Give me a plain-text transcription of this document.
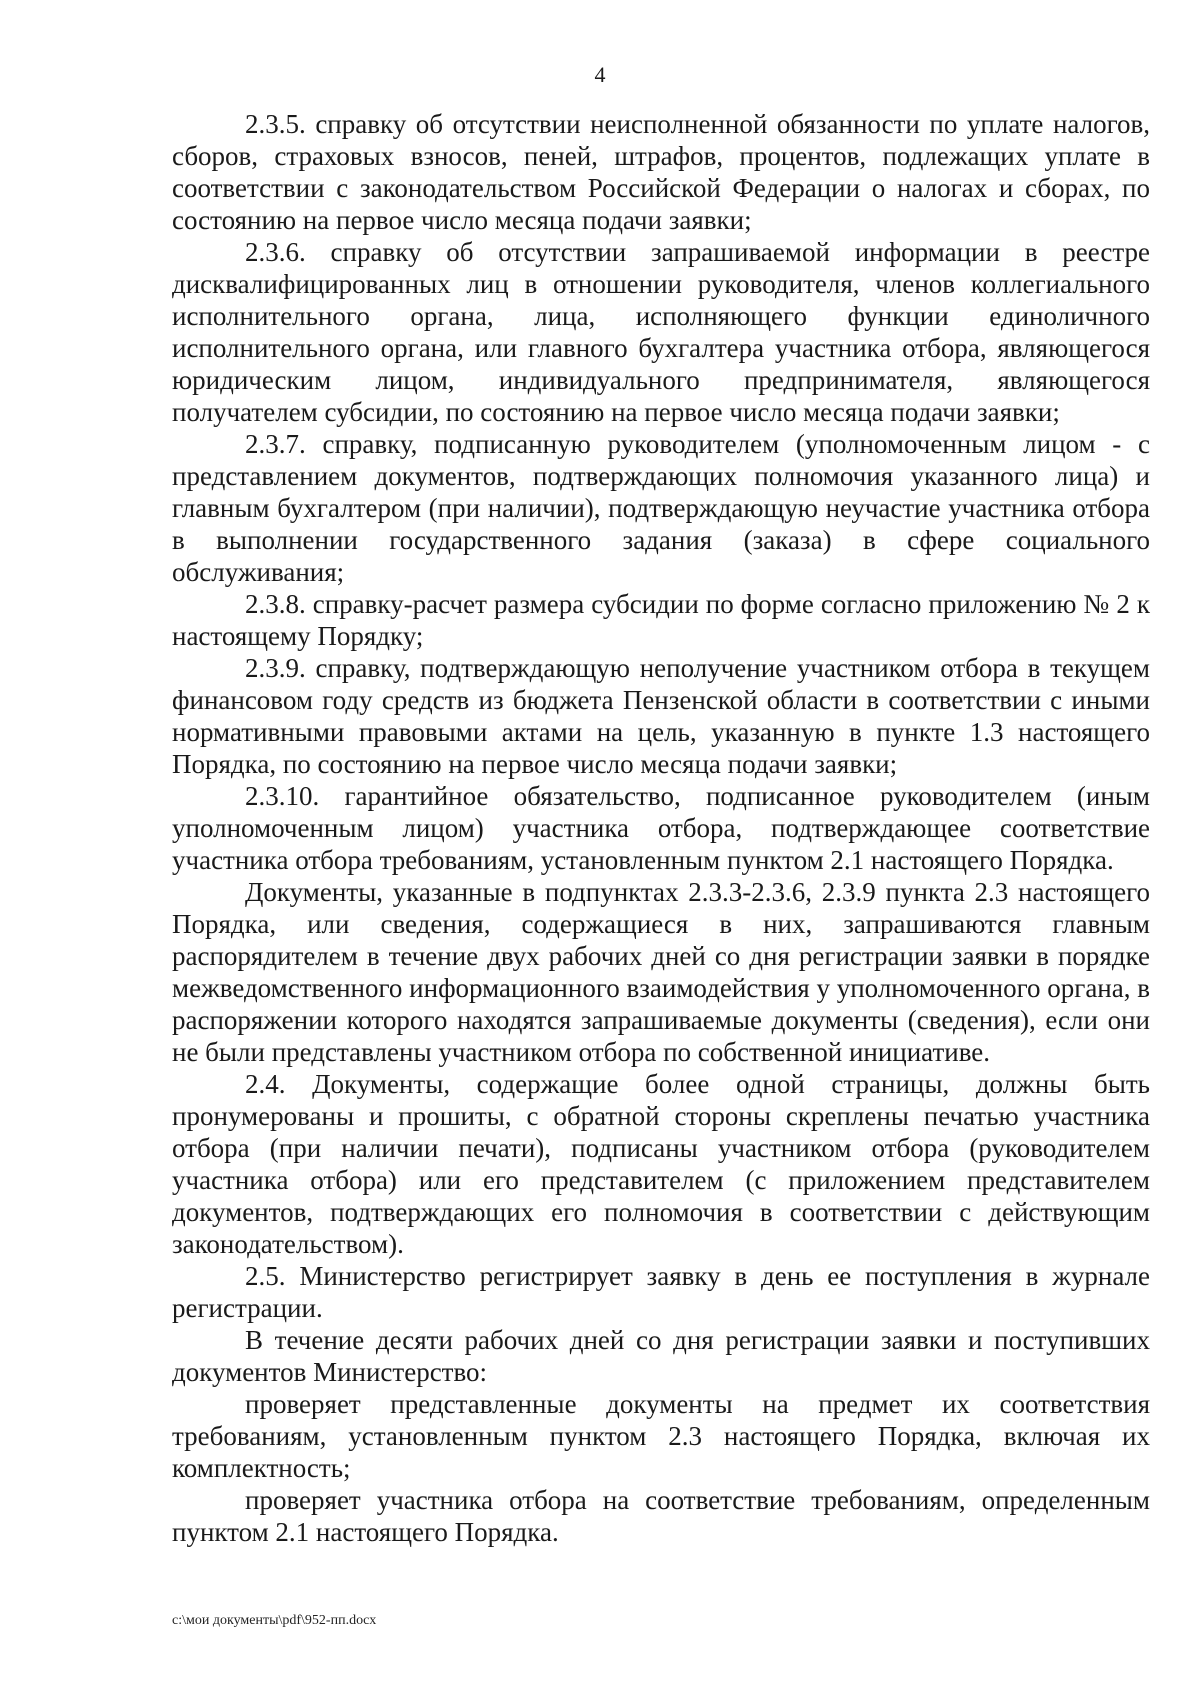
4

2.3.5. справку об отсутствии неисполненной обязанности по уплате налогов, сборов, страховых взносов, пеней, штрафов, процентов, подлежащих уплате в соответствии с законодательством Российской Федерации о налогах и сборах, по состоянию на первое число месяца подачи заявки;

2.3.6. справку об отсутствии запрашиваемой информации в реестре дисквалифицированных лиц в отношении руководителя, членов коллегиального исполнительного органа, лица, исполняющего функции единоличного исполнительного органа, или главного бухгалтера участника отбора, являющегося юридическим лицом, индивидуального предпринимателя, являющегося получателем субсидии, по состоянию на первое число месяца подачи заявки;

2.3.7. справку, подписанную руководителем (уполномоченным лицом - с представлением документов, подтверждающих полномочия указанного лица) и главным бухгалтером (при наличии), подтверждающую неучастие участника отбора в выполнении государственного задания (заказа) в сфере социального обслуживания;

2.3.8. справку-расчет размера субсидии по форме согласно приложению № 2 к настоящему Порядку;

2.3.9. справку, подтверждающую неполучение участником отбора в текущем финансовом году средств из бюджета Пензенской области в соответствии с иными нормативными правовыми актами на цель, указанную в пункте 1.3 настоящего Порядка, по состоянию на первое число месяца подачи заявки;

2.3.10. гарантийное обязательство, подписанное руководителем (иным уполномоченным лицом) участника отбора, подтверждающее соответствие участника отбора требованиям, установленным пунктом 2.1 настоящего Порядка.

Документы, указанные в подпунктах 2.3.3-2.3.6, 2.3.9 пункта 2.3 настоящего Порядка, или сведения, содержащиеся в них, запрашиваются главным распорядителем в течение двух рабочих дней со дня регистрации заявки в порядке межведомственного информационного взаимодействия у уполномоченного органа, в распоряжении которого находятся запрашиваемые документы (сведения), если они не были представлены участником отбора по собственной инициативе.

2.4. Документы, содержащие более одной страницы, должны быть пронумерованы и прошиты, с обратной стороны скреплены печатью участника отбора (при наличии печати), подписаны участником отбора (руководителем участника отбора) или его представителем (с приложением представителем документов, подтверждающих его полномочия в соответствии с действующим законодательством).

2.5. Министерство регистрирует заявку в день ее поступления в журнале регистрации.

В течение десяти рабочих дней со дня регистрации заявки и поступивших документов Министерство:

проверяет представленные документы на предмет их соответствия требованиям, установленным пунктом 2.3 настоящего Порядка, включая их комплектность;

проверяет участника отбора на соответствие требованиям, определенным пунктом 2.1 настоящего Порядка.

c:\мои документы\pdf\952-пп.docx
